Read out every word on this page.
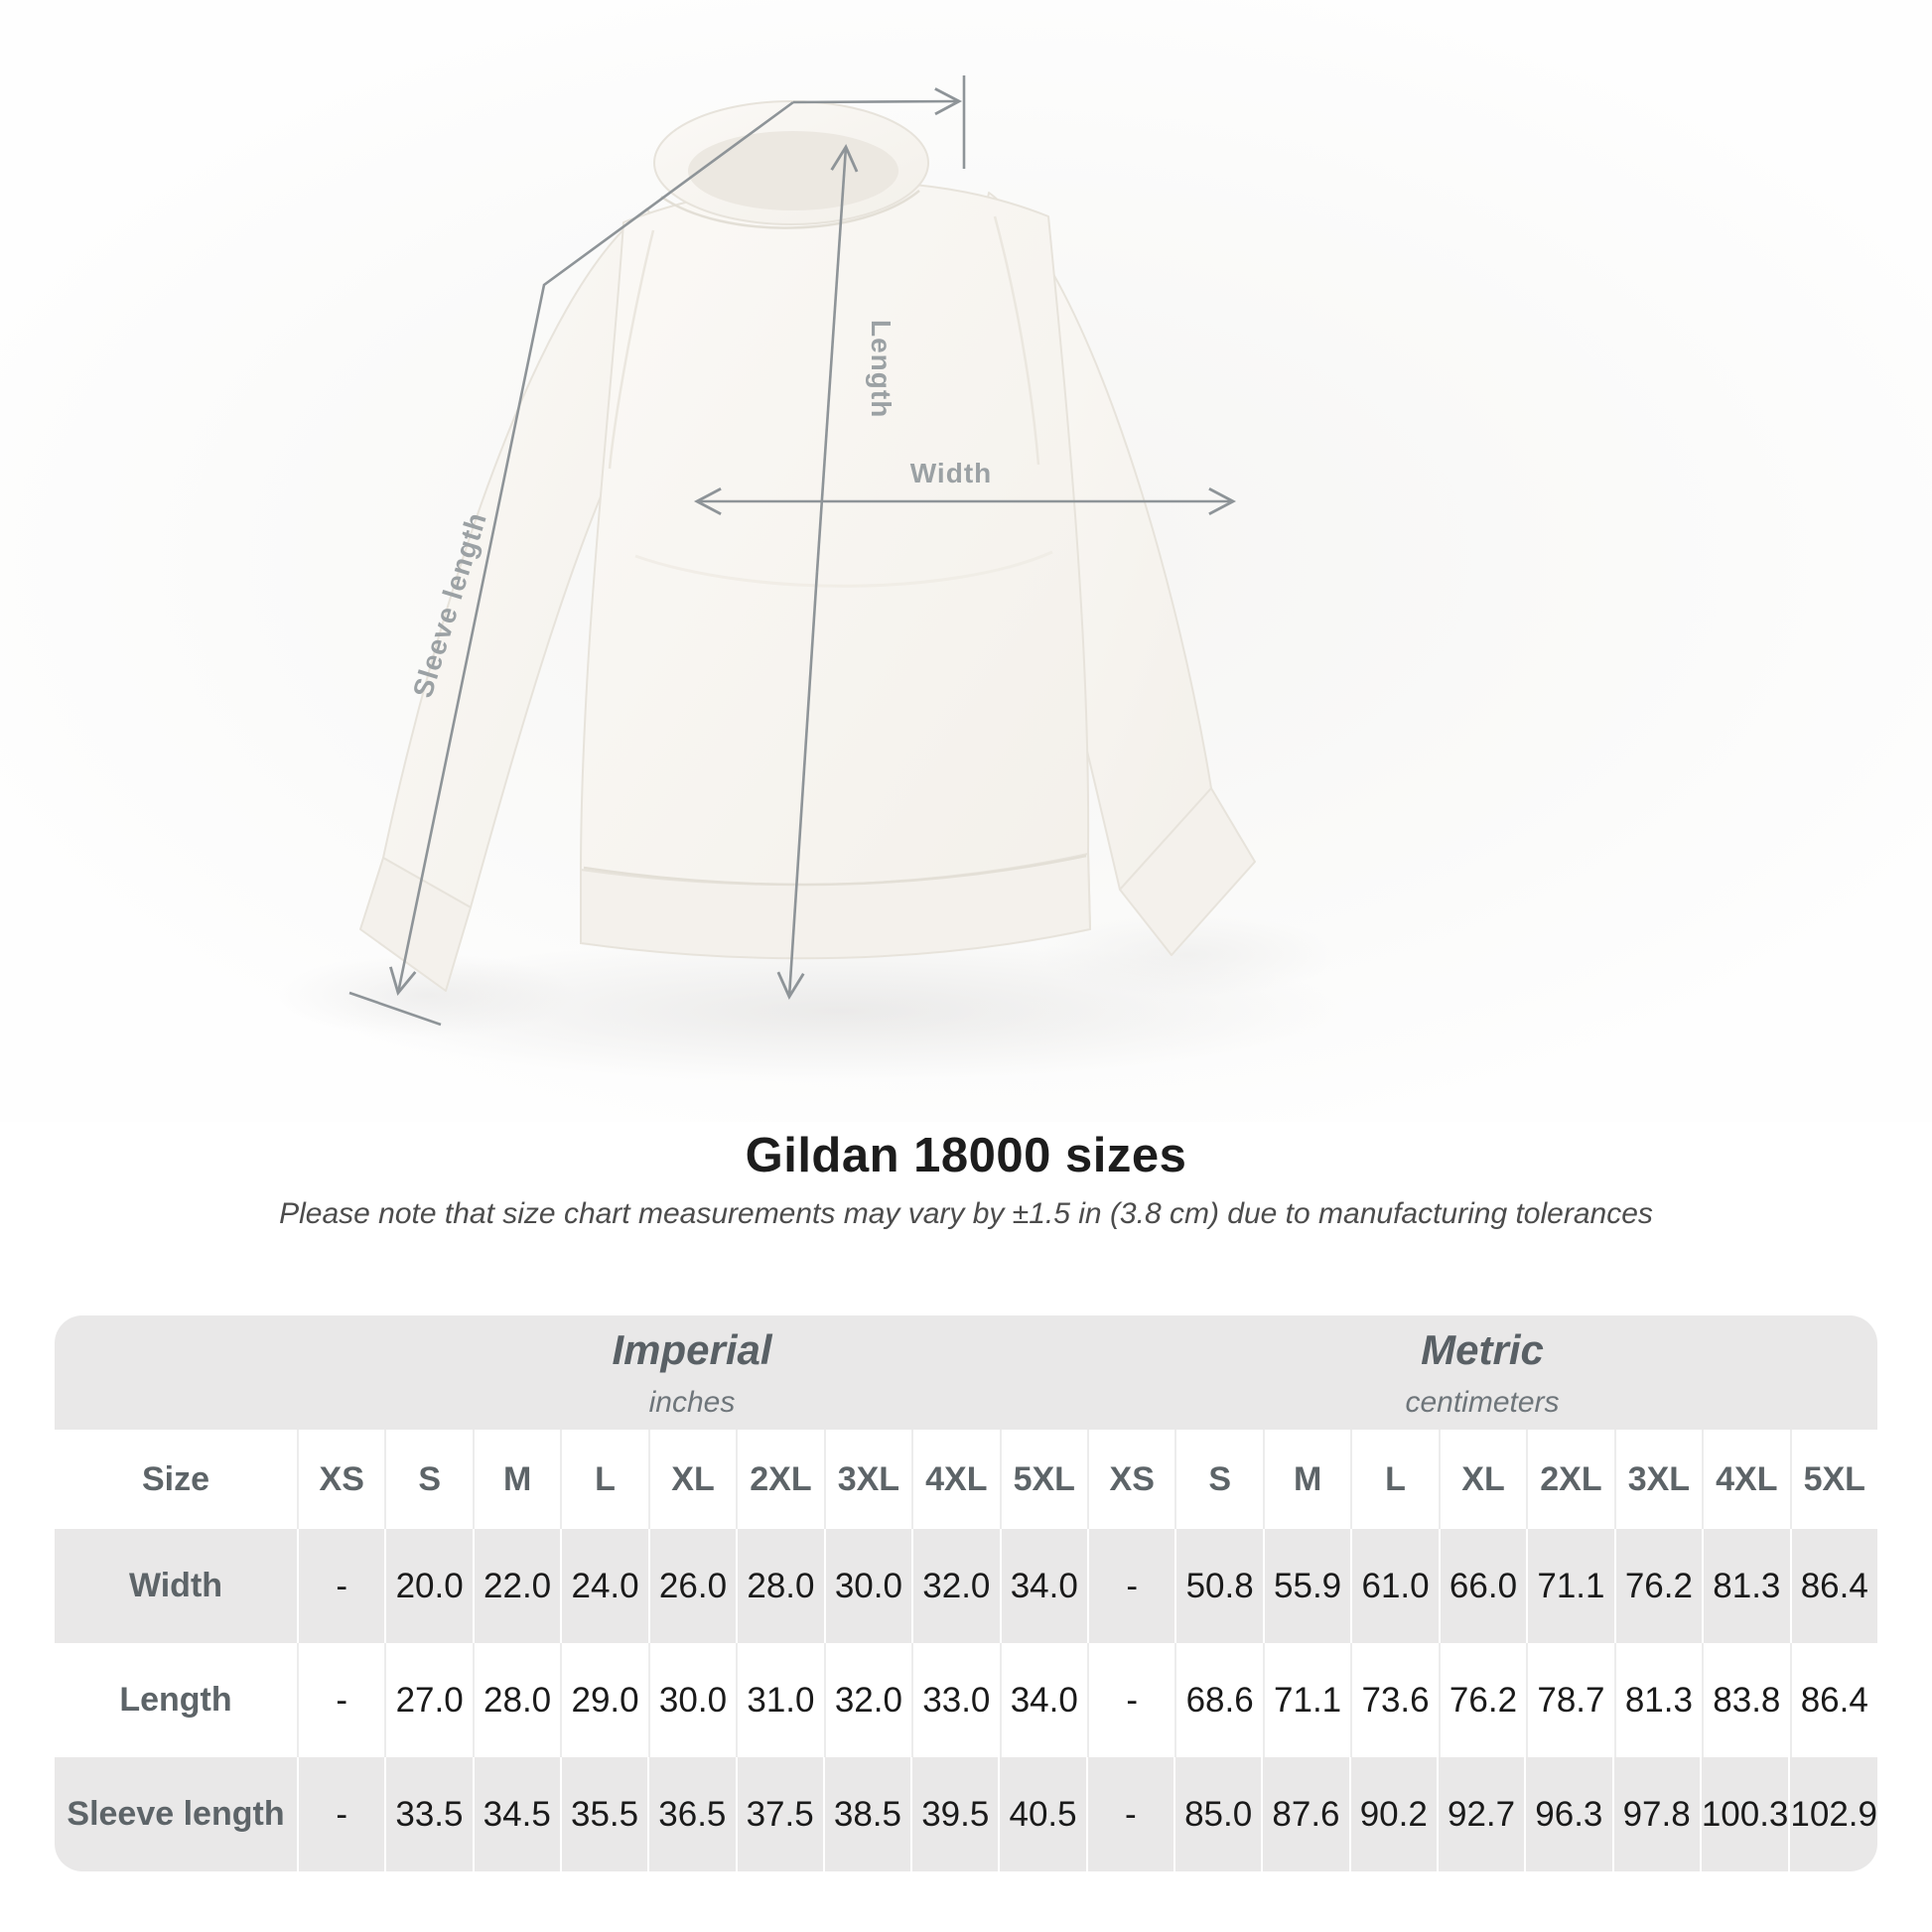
Width
Length
Sleeve length
Gildan 18000 sizes

Please note that size chart measurements may vary by ±1.5 in (3.8 cm) due to manufacturing tolerances

Imperial
inches
Metric
centimeters
Size	XS	S	M	L	XL	2XL 3XL 4XL 5XL	XS	S	M	L	XL	2XL 3XL 4XL 5XL
Width	-	20.0 22.0 24.0 26.0 28.0 30.0 32.0 34.0	-	50.8 55.9 61.0 66.0 71.1 76.2 81.3 86.4
Length	-	27.0 28.0 29.0 30.0 31.0 32.0 33.0 34.0	-	68.6 71.1 73.6 76.2 78.7 81.3 83.8 86.4
Sleeve length	-	33.5 34.5 35.5 36.5 37.5 38.5 39.5 40.5	-	85.0 87.6 90.2 92.7 96.3 97.8 100.3 102.9
